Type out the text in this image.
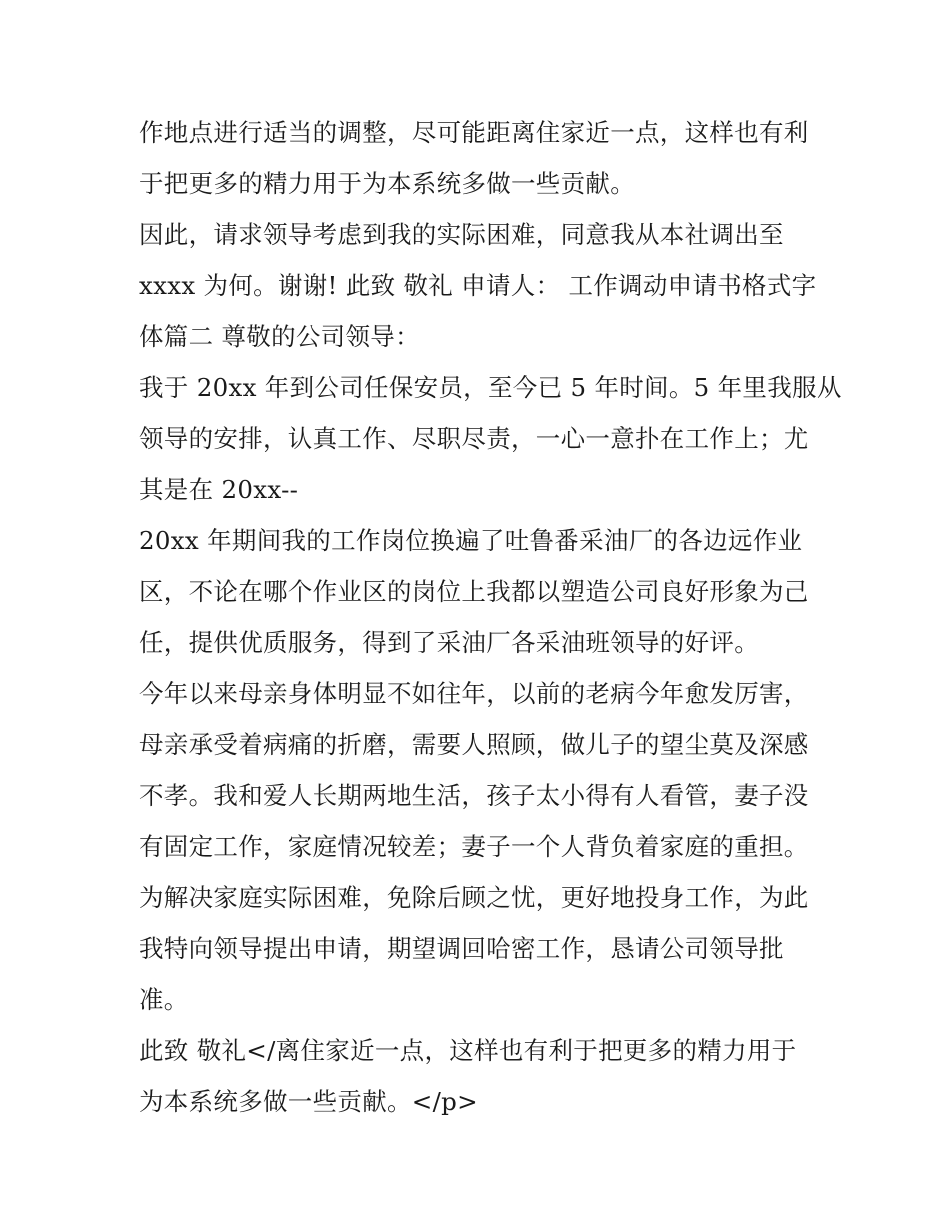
作地点进行适当的调整，尽可能距离住家近一点，这样也有利
于把更多的精力用于为本系统多做一些贡献。
因此，请求领导考虑到我的实际困难，同意我从本社调出至
xxxx 为何。谢谢! 此致 敬礼 申请人： 工作调动申请书格式字
体篇二 尊敬的公司领导：
我于 20xx 年到公司任保安员，至今已 5 年时间。5 年里我服从
领导的安排，认真工作、尽职尽责，一心一意扑在工作上；尤
其是在 20xx--
20xx 年期间我的工作岗位换遍了吐鲁番采油厂的各边远作业
区，不论在哪个作业区的岗位上我都以塑造公司良好形象为己
任，提供优质服务，得到了采油厂各采油班领导的好评。
今年以来母亲身体明显不如往年，以前的老病今年愈发厉害，
母亲承受着病痛的折磨，需要人照顾，做儿子的望尘莫及深感
不孝。我和爱人长期两地生活，孩子太小得有人看管，妻子没
有固定工作，家庭情况较差；妻子一个人背负着家庭的重担。
为解决家庭实际困难，免除后顾之忧，更好地投身工作，为此
我特向领导提出申请，期望调回哈密工作，恳请公司领导批
准。
此致 敬礼</离住家近一点，这样也有利于把更多的精力用于
为本系统多做一些贡献。</p>
